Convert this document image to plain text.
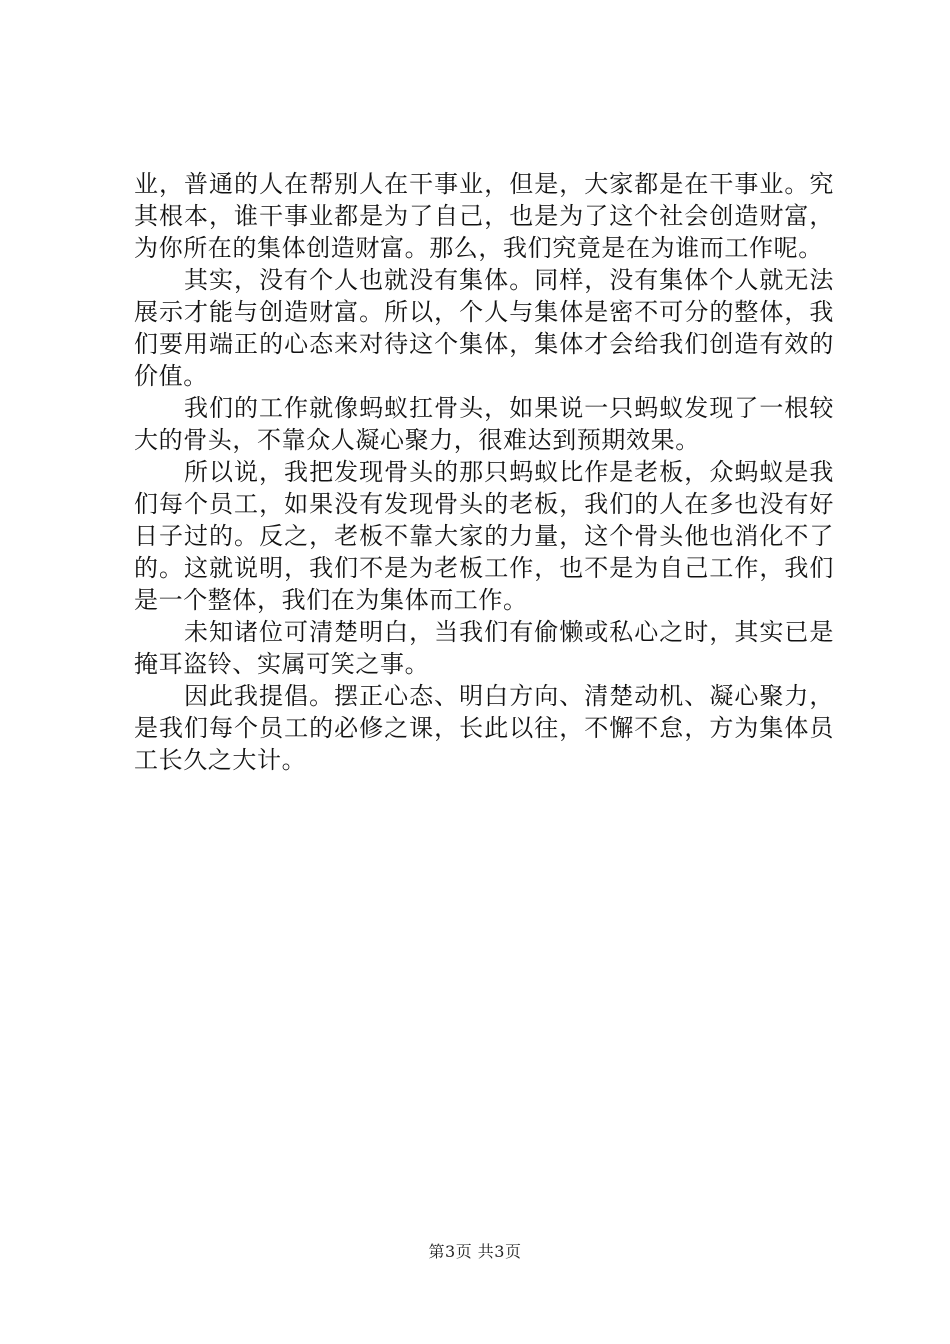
业，普通的人在帮别人在干事业，但是，大家都是在干事业。究其根本，谁干事业都是为了自己，也是为了这个社会创造财富，为你所在的集体创造财富。那么，我们究竟是在为谁而工作呢。

其实，没有个人也就没有集体。同样，没有集体个人就无法展示才能与创造财富。所以，个人与集体是密不可分的整体，我们要用端正的心态来对待这个集体，集体才会给我们创造有效的价值。

我们的工作就像蚂蚁扛骨头，如果说一只蚂蚁发现了一根较大的骨头，不靠众人凝心聚力，很难达到预期效果。

所以说，我把发现骨头的那只蚂蚁比作是老板，众蚂蚁是我们每个员工，如果没有发现骨头的老板，我们的人在多也没有好日子过的。反之，老板不靠大家的力量，这个骨头他也消化不了的。这就说明，我们不是为老板工作，也不是为自己工作，我们是一个整体，我们在为集体而工作。

未知诸位可清楚明白，当我们有偷懒或私心之时，其实已是掩耳盗铃、实属可笑之事。

因此我提倡。摆正心态、明白方向、清楚动机、凝心聚力，是我们每个员工的必修之课，长此以往，不懈不怠，方为集体员工长久之大计。

第3页 共3页
